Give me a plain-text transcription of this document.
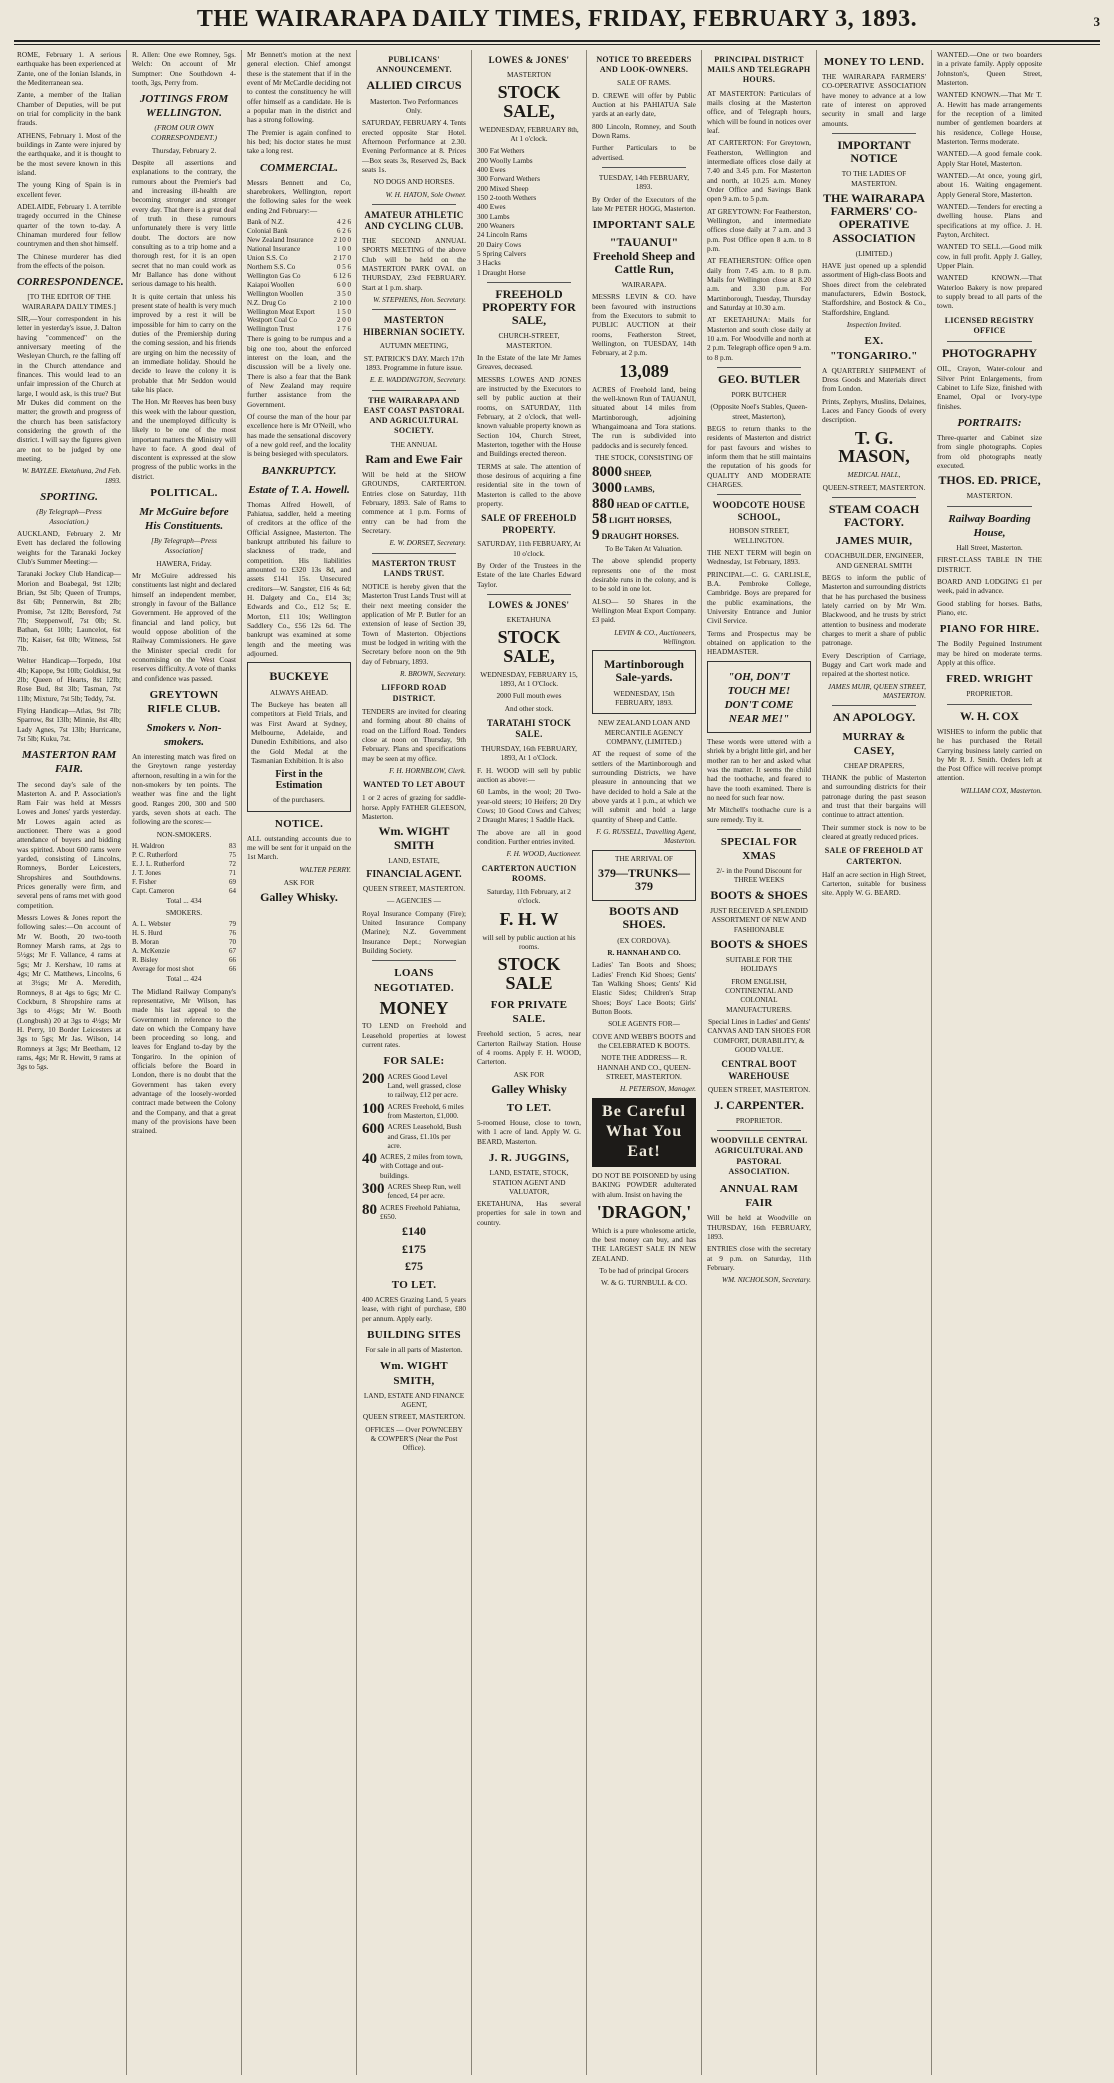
THE WAIRARAPA DAILY TIMES, FRIDAY, FEBRUARY 3, 1893.	3

ROME, February 1. A serious earthquake has been experienced at Zante, one of the Ionian Islands, in the Mediterranean sea.

Zante, a member of the Italian Chamber of Deputies, will be put on trial for complicity in the bank frauds.

ATHENS, February 1. Most of the buildings in Zante were injured by the earthquake, and it is thought to be the most severe known in this island.

The young King of Spain is in excellent fever.

ADELAIDE, February 1. A terrible tragedy occurred in the Chinese quarter of the town to-day. A Chinaman murdered four fellow countrymen and then shot himself.

The Chinese murderer has died from the effects of the poison.

CORRESPONDENCE.

[TO THE EDITOR OF THE WAIRARAPA DAILY TIMES.]

SIR,—Your correspondent in his letter in yesterday's issue, J. Dalton having "commenced" on the anniversary meeting of the Wesleyan Church, re the falling off in the Church attendance and finances. This would lead to an unfair impression of the Church at large, I would ask, is this true? But Mr Dukes did comment on the matter; the growth and progress of the church has been satisfactory considering the growth of the district. I will say the figures given are not to be judged by one meeting.

W. BAYLEE. Eketahuna, 2nd Feb. 1893.

SPORTING.

(By Telegraph—Press Association.)

AUCKLAND, February 2. Mr Evett has declared the following weights for the Taranaki Jockey Club's Summer Meeting:—

Taranaki Jockey Club Handicap—Morion and Boabegal, 9st 12lb; Brian, 9st 5lb; Queen of Trumps, 8st 6lb; Pennerwin, 8st 2lb; Promise, 7st 12lb; Beresford, 7st 7lb; Steppenwolf, 7st 0lb; St. Bathan, 6st 10lb; Launcelot, 6st 7lb; Kaiser, 6st 0lb; Witness, 5st 7lb.

Welter Handicap—Torpedo, 10st 4lb; Kapope, 9st 10lb; Goldkist, 9st 2lb; Queen of Hearts, 8st 12lb; Rose Bud, 8st 3lb; Tasman, 7st 11lb; Mixture, 7st 5lb; Teddy, 7st.

Flying Handicap—Atlas, 9st 7lb; Sparrow, 8st 13lb; Minnie, 8st 4lb; Lady Agnes, 7st 13lb; Hurricane, 7st 5lb; Kuku, 7st.

MASTERTON RAM FAIR.

The second day's sale of the Masterton A. and P. Association's Ram Fair was held at Messrs Lowes and Jones' yards yesterday. Mr Lowes again acted as auctioneer. There was a good attendance of buyers and bidding was spirited. About 600 rams were yarded, consisting of Lincolns, Romneys, Border Leicesters, Shropshires and Southdowns. Prices generally were firm, and several pens of rams met with good competition.

Messrs Lowes & Jones report the following sales:—On account of Mr W. Booth, 20 two-tooth Romney Marsh rams, at 2gs to 5½gs; Mr F. Vallance, 4 rams at 5gs; Mr J. Kershaw, 10 rams at 4gs; Mr C. Matthews, Lincolns, 6 at 3½gs; Mr A. Meredith, Romneys, 8 at 4gs to 6gs; Mr C. Cockburn, 8 Shropshire rams at 3gs to 4½gs; Mr W. Booth (Longbush) 20 at 3gs to 4½gs; Mr H. Perry, 10 Border Leicesters at 3gs to 5gs; Mr Jas. Wilson, 14 Romneys at 3gs; Mr Beetham, 12 rams, 4gs; Mr R. Hewitt, 9 rams at 3gs to 5gs.

R. Allen: One ewe Romney, 5gs. Welch: On account of Mr Sumptner: One Southdown 4-tooth, 3gs, Perry from.

JOTTINGS FROM WELLINGTON.

(FROM OUR OWN CORRESPONDENT.)

Thursday, February 2.

Despite all assertions and explanations to the contrary, the rumours about the Premier's bad and increasing ill-health are becoming stronger and stronger every day. That there is a great deal of truth in these rumours unfortunately there is very little doubt. The doctors are now consulting as to a trip home and a thorough rest, for it is an open secret that no man could work as Mr Ballance has done without serious damage to his health.

It is quite certain that unless his present state of health is very much improved by a rest it will be impossible for him to carry on the duties of the Premiership during the coming session, and his friends are urging on him the necessity of an immediate holiday. Should he decide to leave the colony it is probable that Mr Seddon would take his place.

The Hon. Mr Reeves has been busy this week with the labour question, and the unemployed difficulty is likely to be one of the most important matters the Ministry will have to face. A good deal of discontent is expressed at the slow progress of the public works in the district.

POLITICAL.
Mr McGuire before His Constituents.

[By Telegraph—Press Association]

HAWERA, Friday.

Mr McGuire addressed his constituents last night and declared himself an independent member, strongly in favour of the Ballance Government. He approved of the financial and land policy, but would oppose abolition of the Railway Commissioners. He gave the Minister special credit for economising on the West Coast reserves difficulty. A vote of thanks and confidence was passed.

GREYTOWN RIFLE CLUB.
Smokers v. Non-smokers.

An interesting match was fired on the Greytown range yesterday afternoon, resulting in a win for the non-smokers by ten points. The weather was fine and the light good. Ranges 200, 300 and 500 yards, seven shots at each. The following are the scores:—

NON-SMOKERS.

H. Waldron	83
P. C. Rutherford	75
E. J. L. Rutherford	72
J. T. Jones	71
F. Fisher	69
Capt. Cameron	64

Total ... 434

SMOKERS.

A. L. Webster	79
H. S. Hurd	76
B. Moran	70
A. McKenzie	67
R. Bisley	66
Average for most shot	66

Total ... 424

The Midland Railway Company's representative, Mr Wilson, has made his last appeal to the Government in reference to the date on which the Company have been proceeding so long, and leaves for England to-day by the Tongariro. In the opinion of officials before the Board in London, there is no doubt that the Government has taken every advantage of the loosely-worded contract made between the Colony and the Company, and that a great many of the provisions have been strained.

Mr Bennett's motion at the next general election. Chief amongst these is the statement that if in the event of Mr McCardle deciding not to contest the constituency he will offer himself as a candidate. He is a popular man in the district and has a strong following.

The Premier is again confined to his bed; his doctor states he must take a long rest.

COMMERCIAL.

Messrs Bennett and Co, sharebrokers, Wellington, report the following sales for the week ending 2nd February:—

Bank of N.Z.	4 2 6
Colonial Bank	6 2 6
New Zealand Insurance	2 10 0
National Insurance	1 0 0
Union S.S. Co	2 17 0
Northern S.S. Co	0 5 6
Wellington Gas Co	6 12 6
Kaiapoi Woollen	6 0 0
Wellington Woollen	3 5 0
N.Z. Drug Co	2 10 0
Wellington Meat Export	1 5 0
Westport Coal Co	2 0 0
Wellington Trust	1 7 6

There is going to be rumpus and a big one too, about the enforced interest on the loan, and the discussion will be a lively one. There is also a fear that the Bank of New Zealand may require further assistance from the Government.

Of course the man of the hour par excellence here is Mr O'Neill, who has made the sensational discovery of a new gold reef, and the locality is being besieged with speculators.

BANKRUPTCY.
Estate of T. A. Howell.

Thomas Alfred Howell, of Pahiatua, saddler, held a meeting of creditors at the office of the Official Assignee, Masterton. The bankrupt attributed his failure to slackness of trade, and competition. His liabilities amounted to £320 13s 8d, and assets £141 15s. Unsecured creditors—W. Sangster, £16 4s 6d; H. Dalgety and Co., £14 3s; Edwards and Co., £12 5s; E. Morton, £11 10s; Wellington Saddlery Co., £56 12s 6d. The bankrupt was examined at some length and the meeting was adjourned.

BUCKEYE

ALWAYS AHEAD.

The Buckeye has beaten all competitors at Field Trials, and was First Award at Sydney, Melbourne, Adelaide, and Dunedin Exhibitions, and also the Gold Medal at the Tasmanian Exhibition. It is also

First in the Estimation

of the purchasers.

NOTICE.

ALL outstanding accounts due to me will be sent for it unpaid on the 1st March.

WALTER PERRY.

ASK FOR

Galley Whisky.
PUBLICANS' ANNOUNCEMENT.
ALLIED CIRCUS

Masterton. Two Performances Only.

SATURDAY, FEBRUARY 4. Tents erected opposite Star Hotel. Afternoon Performance at 2.30. Evening Performance at 8. Prices—Box seats 3s, Reserved 2s, Back seats 1s.

NO DOGS AND HORSES.

W. H. HATON, Sole Owner.

AMATEUR ATHLETIC AND CYCLING CLUB.

THE SECOND ANNUAL SPORTS MEETING of the above Club will be held on the MASTERTON PARK OVAL on THURSDAY, 23rd FEBRUARY. Start at 1 p.m. sharp.

W. STEPHENS, Hon. Secretary.

MASTERTON HIBERNIAN SOCIETY.

AUTUMN MEETING,

ST. PATRICK'S DAY. March 17th 1893. Programme in future issue.

E. E. WADDINGTON, Secretary.

THE WAIRARAPA AND EAST COAST PASTORAL AND AGRICULTURAL SOCIETY.

THE ANNUAL

Ram and Ewe Fair

Will be held at the SHOW GROUNDS, CARTERTON. Entries close on Saturday, 11th February, 1893. Sale of Rams to commence at 1 p.m. Forms of entry can be had from the Secretary.

E. W. DORSET, Secretary.

MASTERTON TRUST LANDS TRUST.

NOTICE is hereby given that the Masterton Trust Lands Trust will at their next meeting consider the application of Mr P. Butler for an extension of lease of Section 39, Town of Masterton. Objections must be lodged in writing with the Secretary before noon on the 9th day of February, 1893.

R. BROWN, Secretary.

LIFFORD ROAD DISTRICT.

TENDERS are invited for clearing and forming about 80 chains of road on the Lifford Road. Tenders close at noon on Thursday, 9th February. Plans and specifications may be seen at my office.

F. H. HORNBLOW, Clerk.

WANTED TO LET ABOUT

1 or 2 acres of grazing for saddle-horse. Apply FATHER GLEESON, Masterton.

Wm. WIGHT SMITH

LAND, ESTATE,

FINANCIAL AGENT.

QUEEN STREET, MASTERTON.

— AGENCIES —

Royal Insurance Company (Fire); United Insurance Company (Marine); N.Z. Government Insurance Dept.; Norwegian Building Society.

LOANS NEGOTIATED.
MONEY

TO LEND on Freehold and Leasehold properties at lowest current rates.

FOR SALE:
200 ACRES Good Level Land, well grassed, close to railway, £12 per acre.
100 ACRES Freehold, 6 miles from Masterton, £1,000.
600 ACRES Leasehold, Bush and Grass, £1.10s per acre.
40 ACRES, 2 miles from town, with Cottage and out-buildings.
300 ACRES Sheep Run, well fenced, £4 per acre.
80 ACRES Freehold Pahiatua, £650.
£140
£175
£75
TO LET.

400 ACRES Grazing Land, 5 years lease, with right of purchase, £80 per annum. Apply early.

BUILDING SITES

For sale in all parts of Masterton.

Wm. WIGHT SMITH,

LAND, ESTATE AND FINANCE AGENT,

QUEEN STREET, MASTERTON.

OFFICES — Over POWNCEBY & COWPER'S (Near the Post Office).

LOWES & JONES'

MASTERTON

STOCK SALE,

WEDNESDAY, FEBRUARY 8th, At 1 o'clock.

300 Fat Wethers
200 Woolly Lambs
400 Ewes
300 Forward Wethers
200 Mixed Sheep
150 2-tooth Wethers
400 Ewes
300 Lambs
200 Weaners
24 Lincoln Rams
20 Dairy Cows
5 Spring Calvers
3 Hacks
1 Draught Horse
FREEHOLD PROPERTY FOR SALE,

CHURCH-STREET, MASTERTON.

In the Estate of the late Mr James Greaves, deceased.

MESSRS LOWES AND JONES are instructed by the Executors to sell by public auction at their rooms, on SATURDAY, 11th February, at 2 o'clock, that well-known valuable property known as Section 104, Church Street, Masterton, together with the House and Buildings erected thereon.

TERMS at sale. The attention of those desirous of acquiring a fine residential site in the town of Masterton is called to the above property.

SALE OF FREEHOLD PROPERTY.

SATURDAY, 11th FEBRUARY, At 10 o'clock.

By Order of the Trustees in the Estate of the late Charles Edward Taylor.

LOWES & JONES'

EKETAHUNA

STOCK SALE,

WEDNESDAY, FEBRUARY 15, 1893, At 1 O'Clock.

2000 Full mouth ewes

And other stock.

TARATAHI STOCK SALE.

THURSDAY, 16th FEBRUARY, 1893, At 1 o'Clock.

F. H. WOOD will sell by public auction as above:—

60 Lambs, in the wool; 20 Two-year-old steers; 10 Heifers; 20 Dry Cows; 10 Good Cows and Calves; 2 Draught Mares; 1 Saddle Hack.

The above are all in good condition. Further entries invited.

F. H. WOOD, Auctioneer.

CARTERTON AUCTION ROOMS.

Saturday, 11th February, at 2 o'clock.

F. H. W

will sell by public auction at his rooms.

STOCK SALE
FOR PRIVATE SALE.

Freehold section, 5 acres, near Carterton Railway Station. House of 4 rooms. Apply F. H. WOOD, Carterton.

ASK FOR

Galley Whisky
TO LET.

5-roomed House, close to town, with 1 acre of land. Apply W. G. BEARD, Masterton.

J. R. JUGGINS,

LAND, ESTATE, STOCK, STATION AGENT AND VALUATOR,

EKETAHUNA, Has several properties for sale in town and country.

NOTICE TO BREEDERS AND LOOK-OWNERS.

SALE OF RAMS.

D. CREWE will offer by Public Auction at his PAHIATUA Sale yards at an early date,

800 Lincoln, Romney, and South Down Rams.

Further Particulars to be advertised.

TUESDAY, 14th FEBRUARY, 1893.

By Order of the Executors of the late Mr PETER HOGG, Masterton.

IMPORTANT SALE
"TAUANUI" Freehold Sheep and Cattle Run,

WAIRARAPA.

MESSRS LEVIN & CO. have been favoured with instructions from the Executors to submit to PUBLIC AUCTION at their rooms, Featherston Street, Wellington, on TUESDAY, 14th February, at 2 p.m.

13,089

ACRES of Freehold land, being the well-known Run of TAUANUI, situated about 14 miles from Martinborough, adjoining Whangaimoana and Tora stations. The run is subdivided into paddocks and is securely fenced.

THE STOCK, CONSISTING OF

8000 SHEEP,
3000 LAMBS,
880 HEAD OF CATTLE,
58 LIGHT HORSES,
9 DRAUGHT HORSES.

To Be Taken At Valuation.

The above splendid property represents one of the most desirable runs in the colony, and is to be sold in one lot.

ALSO— 50 Shares in the Wellington Meat Export Company. £3 paid.

LEVIN & CO., Auctioneers, Wellington.

Martinborough Sale-yards.

WEDNESDAY, 15th FEBRUARY, 1893.

NEW ZEALAND LOAN AND MERCANTILE AGENCY COMPANY, (LIMITED.)

AT the request of some of the settlers of the Martinborough and surrounding Districts, we have pleasure in announcing that we have decided to hold a Sale at the above yards at 1 p.m., at which we will submit and hold a large quantity of Sheep and Cattle.

F. G. RUSSELL, Travelling Agent, Masterton.

THE ARRIVAL OF

379—TRUNKS—379
BOOTS AND SHOES.

(EX CORDOVA).

R. HANNAH AND CO.

Ladies' Tan Boots and Shoes; Ladies' French Kid Shoes; Gents' Tan Walking Shoes; Gents' Kid Elastic Sides; Children's Strap Shoes; Boys' Lace Boots; Girls' Button Boots.

SOLE AGENTS FOR—

COVE AND WEBB'S BOOTS and the CELEBRATED K BOOTS.

NOTE THE ADDRESS— R. HANNAH AND CO., QUEEN-STREET, MASTERTON.

H. PETERSON, Manager.

Be Careful What You Eat!

DO NOT BE POISONED by using BAKING POWDER adulterated with alum. Insist on having the

'DRAGON,'

Which is a pure wholesome article, the best money can buy, and has THE LARGEST SALE IN NEW ZEALAND.

To be had of principal Grocers

W. & G. TURNBULL & CO.

PRINCIPAL DISTRICT MAILS AND TELEGRAPH HOURS.

AT MASTERTON: Particulars of mails closing at the Masterton office, and of Telegraph hours, which will be found in notices over leaf.

AT CARTERTON: For Greytown, Featherston, Wellington and intermediate offices close daily at 7.40 and 3.45 p.m. For Masterton and north, at 10.25 a.m. Money Order Office and Savings Bank open 9 a.m. to 5 p.m.

AT GREYTOWN: For Featherston, Wellington, and intermediate offices close daily at 7 a.m. and 3 p.m. Post Office open 8 a.m. to 8 p.m.

AT FEATHERSTON: Office open daily from 7.45 a.m. to 8 p.m. Mails for Wellington close at 8.20 a.m. and 3.30 p.m. For Martinborough, Tuesday, Thursday and Saturday at 10.30 a.m.

AT EKETAHUNA: Mails for Masterton and south close daily at 10 a.m. For Woodville and north at 2 p.m. Telegraph office open 9 a.m. to 8 p.m.

GEO. BUTLER

PORK BUTCHER

(Opposite Noel's Stables, Queen-street, Masterton),

BEGS to return thanks to the residents of Masterton and district for past favours and wishes to inform them that he still maintains the reputation of his goods for QUALITY AND MODERATE CHARGES.

WOODCOTE HOUSE SCHOOL,

HOBSON STREET, WELLINGTON.

THE NEXT TERM will begin on Wednesday, 1st February, 1893.

PRINCIPAL—C. G. CARLISLE, B.A. Pembroke College, Cambridge. Boys are prepared for the public examinations, the University Entrance and Junior Civil Service.

Terms and Prospectus may be obtained on application to the HEADMASTER.

"OH, DON'T TOUCH ME! DON'T COME NEAR ME!"

These words were uttered with a shriek by a bright little girl, and her mother ran to her and asked what was the matter. It seems the child had the toothache, and feared to have the tooth examined. There is no need for such fear now.

Mr Mitchell's toothache cure is a sure remedy. Try it.

SPECIAL FOR XMAS

2/- in the Pound Discount for THREE WEEKS

BOOTS & SHOES

JUST RECEIVED A SPLENDID ASSORTMENT OF NEW AND FASHIONABLE

BOOTS & SHOES

SUITABLE FOR THE HOLIDAYS

FROM ENGLISH, CONTINENTAL AND COLONIAL MANUFACTURERS.

Special Lines in Ladies' and Gents' CANVAS AND TAN SHOES FOR COMFORT, DURABILITY, & GOOD VALUE.

CENTRAL BOOT WAREHOUSE

QUEEN STREET, MASTERTON.

J. CARPENTER.

PROPRIETOR.

WOODVILLE CENTRAL AGRICULTURAL AND PASTORAL ASSOCIATION.
ANNUAL RAM FAIR

Will be held at Woodville on THURSDAY, 16th FEBRUARY, 1893.

ENTRIES close with the secretary at 9 p.m. on Saturday, 11th February.

WM. NICHOLSON, Secretary.

MONEY TO LEND.

THE WAIRARAPA FARMERS' CO-OPERATIVE ASSOCIATION have money to advance at a low rate of interest on approved security in small and large amounts.

IMPORTANT NOTICE

TO THE LADIES OF MASTERTON.

THE WAIRARAPA FARMERS' CO-OPERATIVE ASSOCIATION

(LIMITED.)

HAVE just opened up a splendid assortment of High-class Boots and Shoes direct from the celebrated manufacturers, Edwin Bostock, Staffordshire, and Bostock & Co., Staffordshire, England.

Inspection Invited.

EX. "TONGARIRO."

A QUARTERLY SHIPMENT of Dress Goods and Materials direct from London.

Prints, Zephyrs, Muslins, Delaines, Laces and Fancy Goods of every description.

T. G. MASON,

MEDICAL HALL,

QUEEN-STREET, MASTERTON.

STEAM COACH FACTORY.
JAMES MUIR,

COACHBUILDER, ENGINEER, AND GENERAL SMITH

BEGS to inform the public of Masterton and surrounding districts that he has purchased the business lately carried on by Mr Wm. Blackwood, and he trusts by strict attention to business and moderate charges to merit a share of public patronage.

Every Description of Carriage, Buggy and Cart work made and repaired at the shortest notice.

JAMES MUIR, QUEEN STREET, MASTERTON.

AN APOLOGY.
MURRAY & CASEY,

CHEAP DRAPERS,

THANK the public of Masterton and surrounding districts for their patronage during the past season and trust that their bargains will continue to attract attention.

Their summer stock is now to be cleared at greatly reduced prices.

SALE OF FREEHOLD AT CARTERTON.

Half an acre section in High Street, Carterton, suitable for business site. Apply W. G. BEARD.

WANTED.—One or two boarders in a private family. Apply opposite Johnston's, Queen Street, Masterton.

WANTED KNOWN.—That Mr T. A. Hewitt has made arrangements for the reception of a limited number of gentlemen boarders at his residence, College House, Masterton. Terms moderate.

WANTED.—A good female cook. Apply Star Hotel, Masterton.

WANTED.—At once, young girl, about 16. Waiting engagement. Apply General Store, Masterton.

WANTED.—Tenders for erecting a dwelling house. Plans and specifications at my office. J. H. Payton, Architect.

WANTED TO SELL.—Good milk cow, in full profit. Apply J. Galley, Upper Plain.

WANTED KNOWN.—That Waterloo Bakery is now prepared to supply bread to all parts of the town.

LICENSED REGISTRY OFFICE
PHOTOGRAPHY

OIL, Crayon, Water-colour and Silver Print Enlargements, from Cabinet to Life Size, finished with Enamel, Opal or Ivory-type finishes.

PORTRAITS:

Three-quarter and Cabinet size from single photographs. Copies from old photographs neatly executed.

THOS. ED. PRICE,

MASTERTON.

Railway Boarding House,

Hall Street, Masterton.

FIRST-CLASS TABLE IN THE DISTRICT.

BOARD AND LODGING £1 per week, paid in advance.

Good stabling for horses. Baths, Piano, etc.

PIANO FOR HIRE.

The Bodily Peguined Instrument may be hired on moderate terms. Apply at this office.

FRED. WRIGHT

PROPRIETOR.

W. H. COX

WISHES to inform the public that he has purchased the Retail Carrying business lately carried on by Mr R. J. Smith. Orders left at the Post Office will receive prompt attention.

WILLIAM COX, Masterton.
